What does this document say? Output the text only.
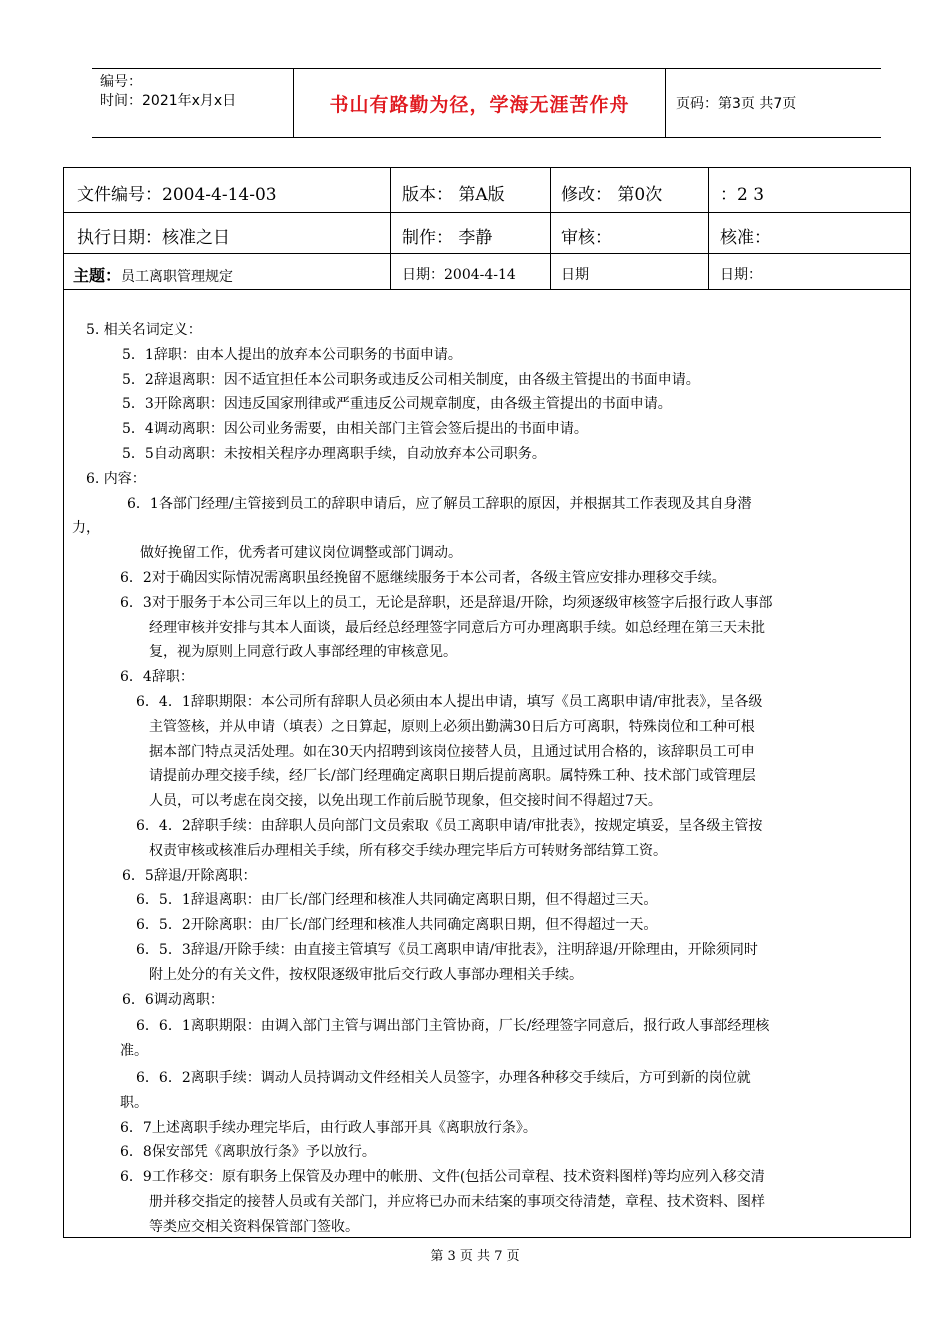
编号：
时间：2021年x月x日	书山有路勤为径，学海无涯苦作舟	页码：第3页 共7页
文件编号：2004-4-14-03	版本： 第A版	修改： 第0次	：2 3
执行日期：核准之日	制作： 李静	审核：	核准：
主题：员工离职管理规定	日期：2004-4-14	日期	日期：

5. 相关名词定义：

5．1辞职：由本人提出的放弃本公司职务的书面申请。

5．2辞退离职：因不适宜担任本公司职务或违反公司相关制度，由各级主管提出的书面申请。

5．3开除离职：因违反国家刑律或严重违反公司规章制度，由各级主管提出的书面申请。

5．4调动离职：因公司业务需要，由相关部门主管会签后提出的书面申请。

5．5自动离职：未按相关程序办理离职手续，自动放弃本公司职务。

6. 内容：

6．1各部门经理/主管接到员工的辞职申请后，应了解员工辞职的原因，并根据其工作表现及其自身潜

力，

做好挽留工作，优秀者可建议岗位调整或部门调动。

6．2对于确因实际情况需离职虽经挽留不愿继续服务于本公司者，各级主管应安排办理移交手续。

6．3对于服务于本公司三年以上的员工，无论是辞职，还是辞退/开除，均须逐级审核签字后报行政人事部

经理审核并安排与其本人面谈，最后经总经理签字同意后方可办理离职手续。如总经理在第三天未批

复，视为原则上同意行政人事部经理的审核意见。

6．4辞职：

6．4．1辞职期限：本公司所有辞职人员必须由本人提出申请，填写《员工离职申请/审批表》，呈各级

主管签核，并从申请（填表）之日算起，原则上必须出勤满30日后方可离职，特殊岗位和工种可根

据本部门特点灵活处理。如在30天内招聘到该岗位接替人员，且通过试用合格的，该辞职员工可申

请提前办理交接手续，经厂长/部门经理确定离职日期后提前离职。属特殊工种、技术部门或管理层

人员，可以考虑在岗交接，以免出现工作前后脱节现象，但交接时间不得超过7天。

6．4．2辞职手续：由辞职人员向部门文员索取《员工离职申请/审批表》，按规定填妥，呈各级主管按

权责审核或核准后办理相关手续，所有移交手续办理完毕后方可转财务部结算工资。

6．5辞退/开除离职：

6．5．1辞退离职：由厂长/部门经理和核准人共同确定离职日期，但不得超过三天。

6．5．2开除离职：由厂长/部门经理和核准人共同确定离职日期，但不得超过一天。

6．5．3辞退/开除手续：由直接主管填写《员工离职申请/审批表》，注明辞退/开除理由，开除须同时

附上处分的有关文件，按权限逐级审批后交行政人事部办理相关手续。

6．6调动离职：

6．6．1离职期限：由调入部门主管与调出部门主管协商，厂长/经理签字同意后，报行政人事部经理核

准。

6．6．2离职手续：调动人员持调动文件经相关人员签字，办理各种移交手续后，方可到新的岗位就

职。

6．7上述离职手续办理完毕后，由行政人事部开具《离职放行条》。

6．8保安部凭《离职放行条》予以放行。

6．9工作移交：原有职务上保管及办理中的帐册、文件(包括公司章程、技术资料图样)等均应列入移交清

册并移交指定的接替人员或有关部门，并应将已办而未结案的事项交待清楚，章程、技术资料、图样

等类应交相关资料保管部门签收。

第 3 页 共 7 页
